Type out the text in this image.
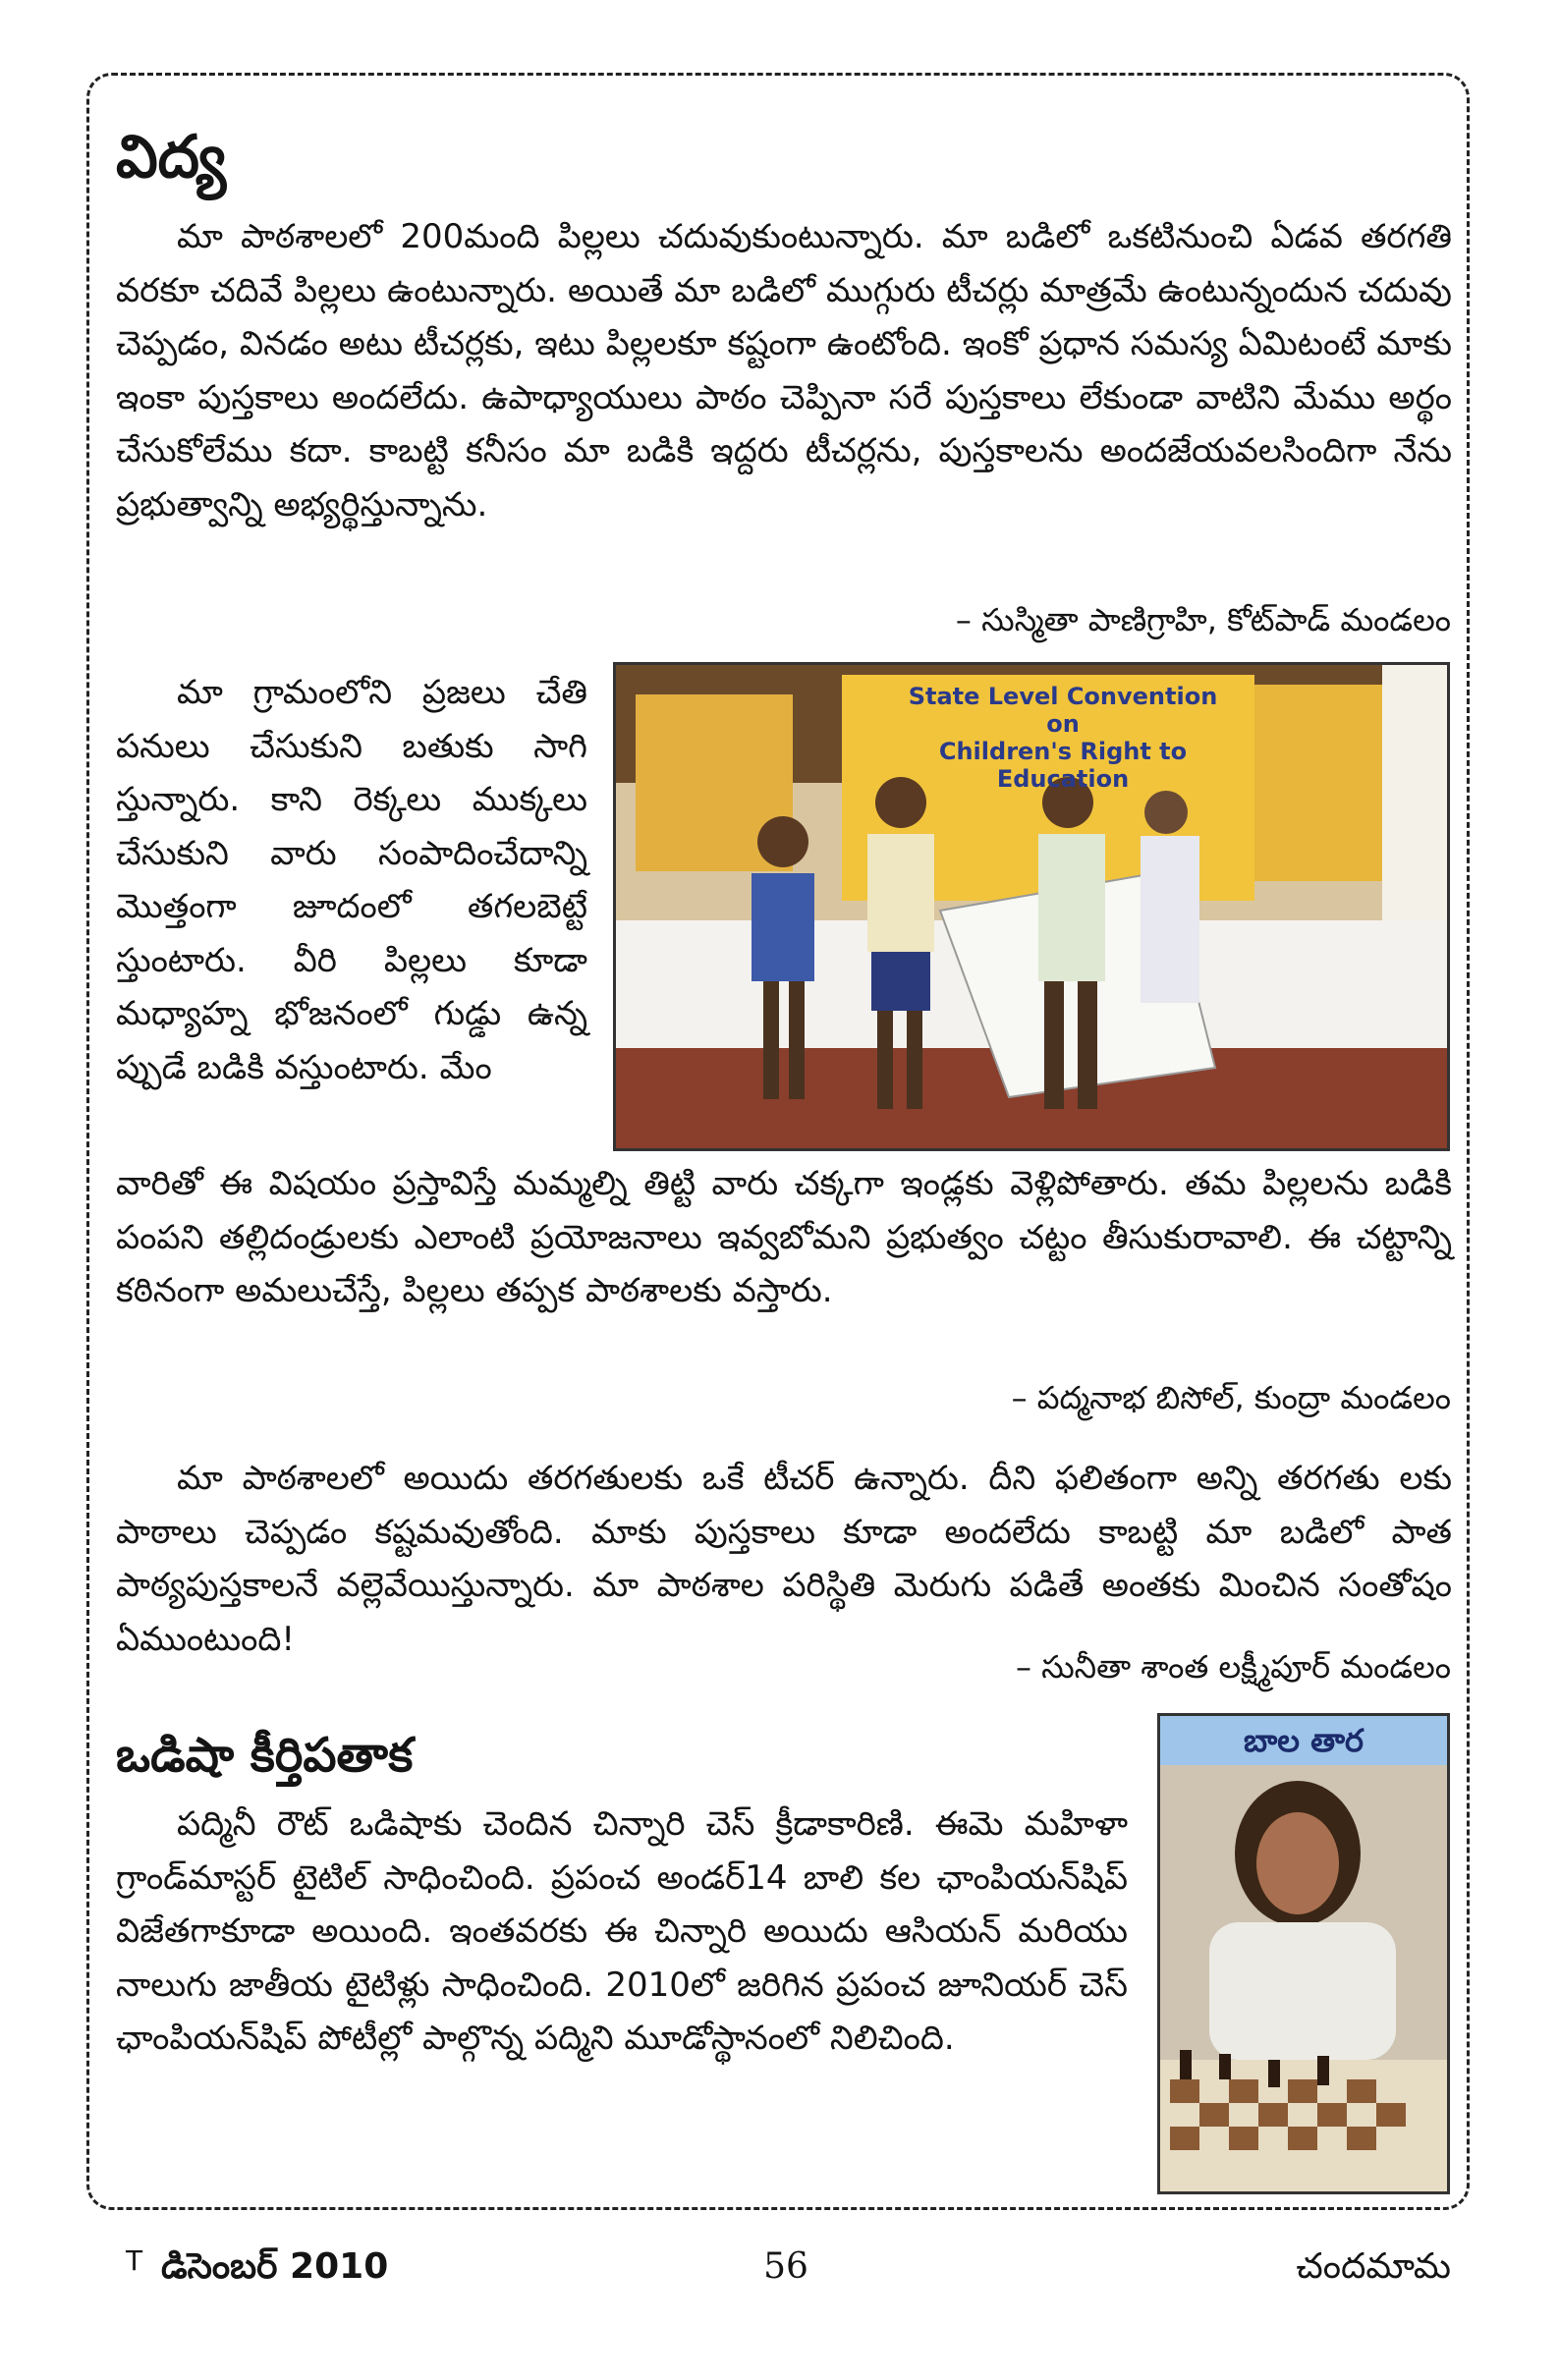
విద్య

మా పాఠశాలలో 200మంది పిల్లలు చదువుకుంటున్నారు. మా బడిలో ఒకటినుంచి ఏడవ తరగతి వరకూ చదివే పిల్లలు ఉంటున్నారు. అయితే మా బడిలో ముగ్గురు టీచర్లు మాత్రమే ఉంటున్నందున చదువు చెప్పడం, వినడం అటు టీచర్లకు, ఇటు పిల్లలకూ కష్టంగా ఉంటోంది. ఇంకో ప్రధాన సమస్య ఏమిటంటే మాకు ఇంకా పుస్తకాలు అందలేదు. ఉపాధ్యాయులు పాఠం చెప్పినా సరే పుస్తకాలు లేకుండా వాటిని మేము అర్థం చేసుకోలేము కదా. కాబట్టి కనీసం మా బడికి ఇద్దరు టీచర్లను, పుస్తకాలను అందజేయవలసిందిగా నేను ప్రభుత్వాన్ని అభ్యర్థిస్తున్నాను.

– సుస్మితా పాణిగ్రాహి, కోట్‌పాడ్ మండలం
State Level Convention
on
Children's Right to Education

మా గ్రామంలోని ప్రజలు చేతి పనులు చేసుకుని బతుకు సాగి స్తున్నారు. కాని రెక్కలు ముక్కలు చేసుకుని వారు సంపాదించేదాన్ని మొత్తంగా జూదంలో తగలబెట్టే స్తుంటారు. వీరి పిల్లలు కూడా మధ్యాహ్న భోజనంలో గుడ్డు ఉన్న ప్పుడే బడికి వస్తుంటారు. మేం

వారితో ఈ విషయం ప్రస్తావిస్తే మమ్మల్ని తిట్టి వారు చక్కగా ఇండ్లకు వెళ్లిపోతారు. తమ పిల్లలను బడికి పంపని తల్లిదండ్రులకు ఎలాంటి ప్రయోజనాలు ఇవ్వబోమని ప్రభుత్వం చట్టం తీసుకురావాలి. ఈ చట్టాన్ని కఠినంగా అమలుచేస్తే, పిల్లలు తప్పక పాఠశాలకు వస్తారు.

– పద్మనాభ బిసోల్, కుంద్రా మండలం

మా పాఠశాలలో అయిదు తరగతులకు ఒకే టీచర్ ఉన్నారు. దీని ఫలితంగా అన్ని తరగతు లకు పాఠాలు చెప్పడం కష్టమవుతోంది. మాకు పుస్తకాలు కూడా అందలేదు కాబట్టి మా బడిలో పాత పాఠ్యపుస్తకాలనే వల్లెవేయిస్తున్నారు. మా పాఠశాల పరిస్థితి మెరుగు పడితే అంతకు మించిన సంతోషం ఏముంటుంది!

– సునీతా శాంత లక్ష్మీపూర్ మండలం
ఒడిషా కీర్తిపతాక

పద్మినీ రౌట్ ఒడిషాకు చెందిన చిన్నారి చెస్ క్రీడాకారిణి. ఈమె మహిళా గ్రాండ్‌మాస్టర్ టైటిల్ సాధించింది. ప్రపంచ అండర్14 బాలి కల ఛాంపియన్‌షిప్ విజేతగాకూడా అయింది. ఇంతవరకు ఈ చిన్నారి అయిదు ఆసియన్ మరియు నాలుగు జాతీయ టైటిళ్లు సాధించింది. 2010లో జరిగిన ప్రపంచ జూనియర్ చెస్ ఛాంపియన్‌షిప్ పోటీల్లో పాల్గొన్న పద్మిని మూడోస్థానంలో నిలిచింది.

బాల తార
T డిసెంబర్ 2010	56	చందమామ
